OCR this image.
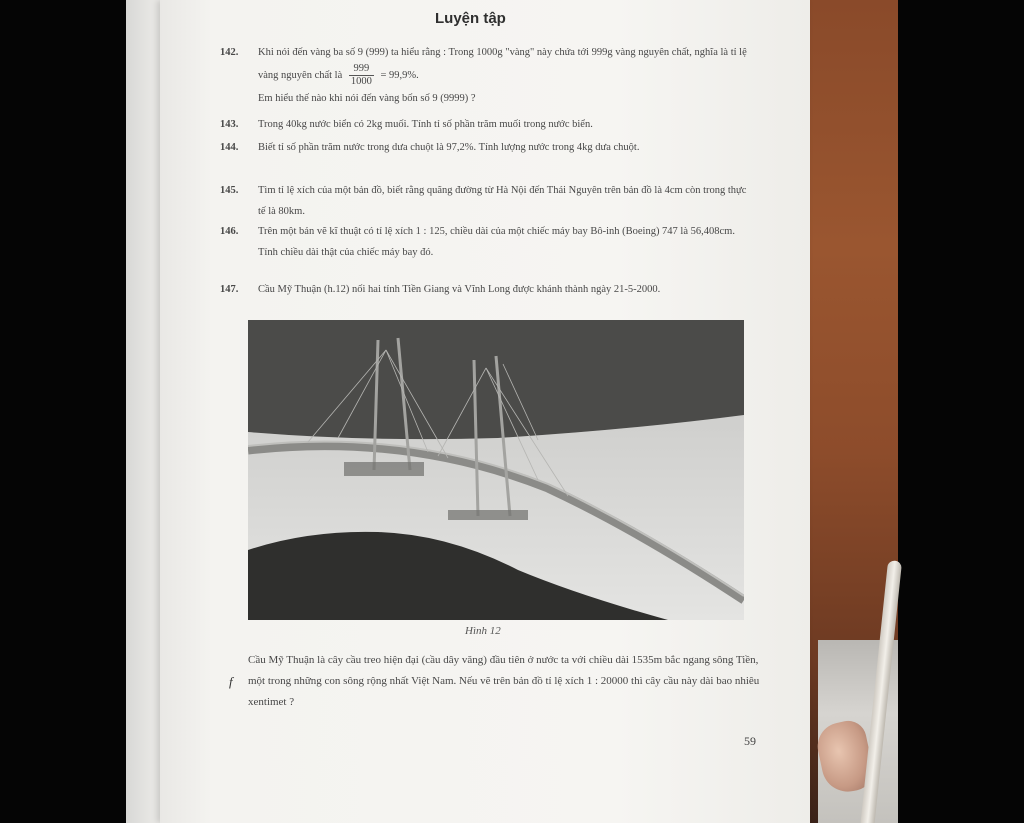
Luyện tập
142. Khi nói đến vàng ba số 9 (999) ta hiểu rằng : Trong 1000g "vàng" này chứa tới 999g vàng nguyên chất, nghĩa là tỉ lệ vàng nguyên chất là $\frac{999}{1000} = 99,9\%$.
Em hiểu thế nào khi nói đến vàng bốn số 9 (9999) ?
143. Trong 40kg nước biển có 2kg muối. Tính tỉ số phần trăm muối trong nước biển.
144. Biết tỉ số phần trăm nước trong dưa chuột là 97,2%. Tính lượng nước trong 4kg dưa chuột.
145. Tìm tỉ lệ xích của một bản đồ, biết rằng quãng đường từ Hà Nội đến Thái Nguyên trên bản đồ là 4cm còn trong thực tế là 80km.
146. Trên một bản vẽ kĩ thuật có tỉ lệ xích 1 : 125, chiều dài của một chiếc máy bay Bô-inh (Boeing) 747 là 56,408cm. Tính chiều dài thật của chiếc máy bay đó.
147. Cầu Mỹ Thuận (h.12) nối hai tỉnh Tiền Giang và Vĩnh Long được khánh thành ngày 21-5-2000.
Hình 12
f
Cầu Mỹ Thuận là cây cầu treo hiện đại (cầu dây văng) đầu tiên ở nước ta với chiều dài 1535m bắc ngang sông Tiền, một trong những con sông rộng nhất Việt Nam. Nếu vẽ trên bản đồ tỉ lệ xích 1 : 20000 thì cây cầu này dài bao nhiêu xentimet ?
59
